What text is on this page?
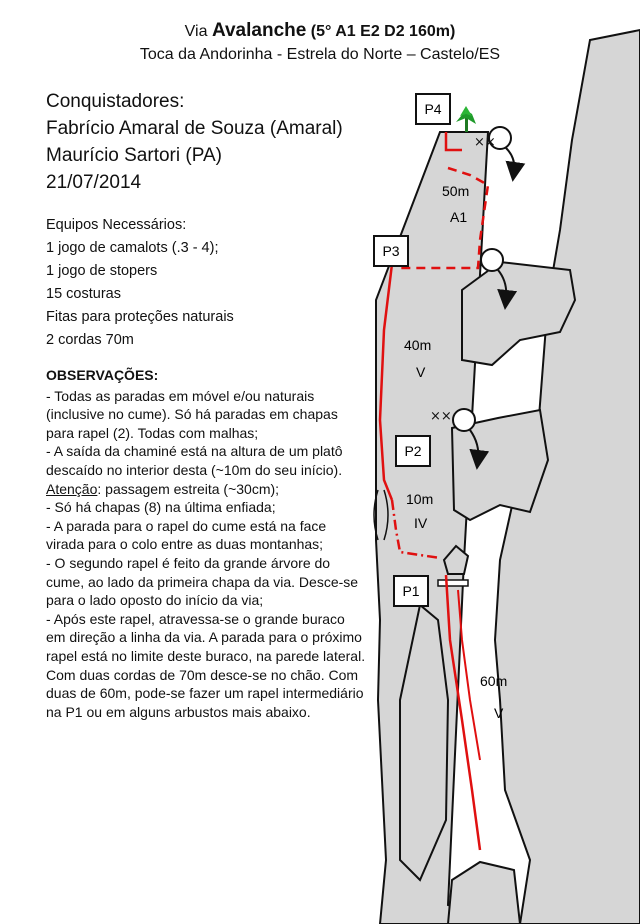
Via Avalanche (5° A1 E2 D2 160m)
Toca da Andorinha - Estrela do Norte – Castelo/ES
Conquistadores:
Fabrício Amaral de Souza (Amaral)
Maurício Sartori (PA)
21/07/2014
Equipos Necessários:
1 jogo de camalots (.3 - 4);
1 jogo de stopers
15 costuras
Fitas para proteções naturais
2 cordas 70m
OBSERVAÇÕES:
- Todas as paradas em móvel e/ou naturais (inclusive no cume). Só há paradas em chapas para rapel (2). Todas com malhas;
- A saída da chaminé está na altura de um platô descaído no interior desta (~10m do seu início). Atenção: passagem estreita (~30cm);
- Só há chapas (8) na última enfiada;
- A parada para o rapel do cume está na face virada para o colo entre as duas montanhas;
- O segundo rapel é feito da grande árvore do cume, ao lado da primeira chapa da via. Desce-se para o lado oposto do início da via;
- Após este rapel, atravessa-se o grande buraco em direção a linha da via. A parada para o próximo rapel está no limite deste buraco, na parede lateral. Com duas cordas de 70m desce-se no chão. Com duas de 60m, pode-se fazer um rapel intermediário na P1 ou em alguns arbustos mais abaixo.
××
××
P4
P3
P2
P1
50m
A1
40m
V
10m
IV
60m
V
